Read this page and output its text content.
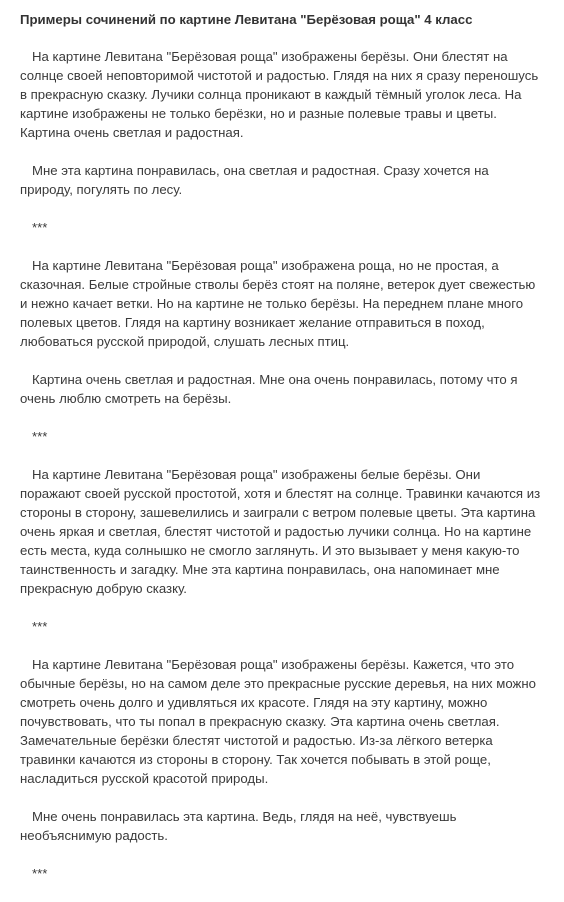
Примеры сочинений по картине Левитана "Берёзовая роща" 4 класс

На картине Левитана "Берёзовая роща" изображены берёзы. Они блестят на солнце своей неповторимой чистотой и радостью. Глядя на них я сразу переношусь в прекрасную сказку. Лучики солнца проникают в каждый тёмный уголок леса. На картине изображены не только берёзки, но и разные полевые травы и цветы. Картина очень светлая и радостная.

Мне эта картина понравилась, она светлая и радостная. Сразу хочется на природу, погулять по лесу.

***

На картине Левитана "Берёзовая роща" изображена роща, но не простая, а сказочная. Белые стройные стволы берёз стоят на поляне, ветерок дует свежестью и нежно качает ветки. Но на картине не только берёзы. На переднем плане много полевых цветов. Глядя на картину возникает желание отправиться в поход, любоваться русской природой, слушать лесных птиц.

Картина очень светлая и радостная. Мне она очень понравилась, потому что я очень люблю смотреть на берёзы.

***

На картине Левитана "Берёзовая роща" изображены белые берёзы. Они поражают своей русской простотой, хотя и блестят на солнце. Травинки качаются из стороны в сторону, зашевелились и заиграли с ветром полевые цветы. Эта картина очень яркая и светлая, блестят чистотой и радостью лучики солнца. Но на картине есть места, куда солнышко не смогло заглянуть. И это вызывает у меня какую-то таинственность и загадку. Мне эта картина понравилась, она напоминает мне прекрасную добрую сказку.

***

На картине Левитана "Берёзовая роща" изображены берёзы. Кажется, что это обычные берёзы, но на самом деле это прекрасные русские деревья, на них можно смотреть очень долго и удивляться их красоте. Глядя на эту картину, можно почувствовать, что ты попал в прекрасную сказку. Эта картина очень светлая. Замечательные берёзки блестят чистотой и радостью. Из-за лёгкого ветерка травинки качаются из стороны в сторону. Так хочется побывать в этой роще, насладиться русской красотой природы.

Мне очень понравилась эта картина. Ведь, глядя на неё, чувствуешь необъяснимую радость.

***
